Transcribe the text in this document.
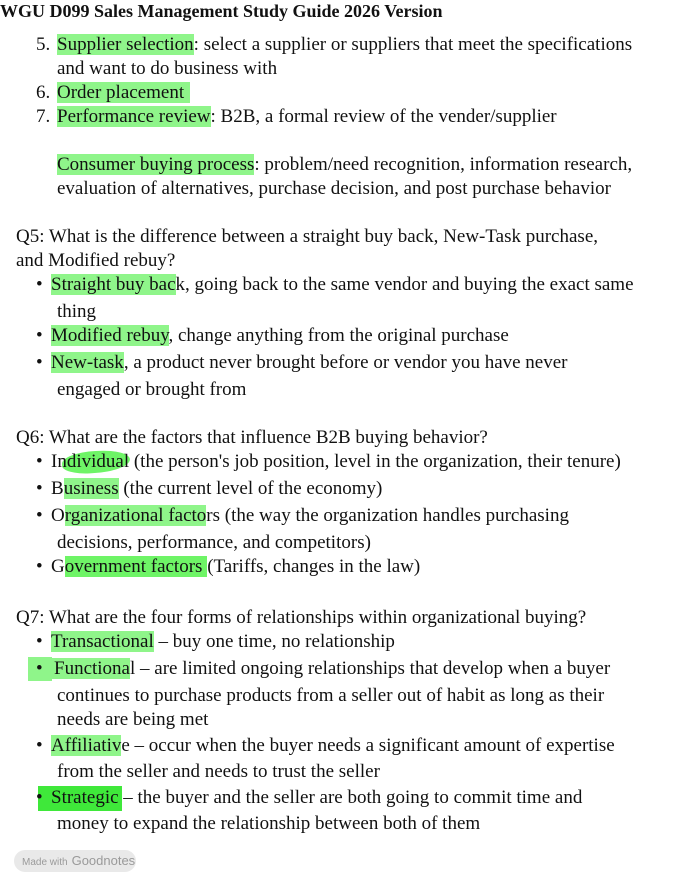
WGU D099 Sales Management Study Guide 2026 Version
5. Supplier selection: select a supplier or suppliers that meet the specifications
and want to do business with
6. Order placement
7. Performance review: B2B, a formal review of the vender/supplier
Consumer buying process: problem/need recognition, information research,
evaluation of alternatives, purchase decision, and post purchase behavior
Q5: What is the difference between a straight buy back, New-Task purchase,
and Modified rebuy?
• Straight buy back, going back to the same vendor and buying the exact same
thing
• Modified rebuy, change anything from the original purchase
• New-task, a product never brought before or vendor you have never
engaged or brought from
Q6: What are the factors that influence B2B buying behavior?
• Individual (the person's job position, level in the organization, their tenure)
• Business (the current level of the economy)
• Organizational factors (the way the organization handles purchasing
decisions, performance, and competitors)
• Government factors (Tariffs, changes in the law)
Q7: What are the four forms of relationships within organizational buying?
• Transactional – buy one time, no relationship
• Functional – are limited ongoing relationships that develop when a buyer
continues to purchase products from a seller out of habit as long as their
needs are being met
• Affiliative – occur when the buyer needs a significant amount of expertise
from the seller and needs to trust the seller
• Strategic – the buyer and the seller are both going to commit time and
money to expand the relationship between both of them
Made with Goodnotes
